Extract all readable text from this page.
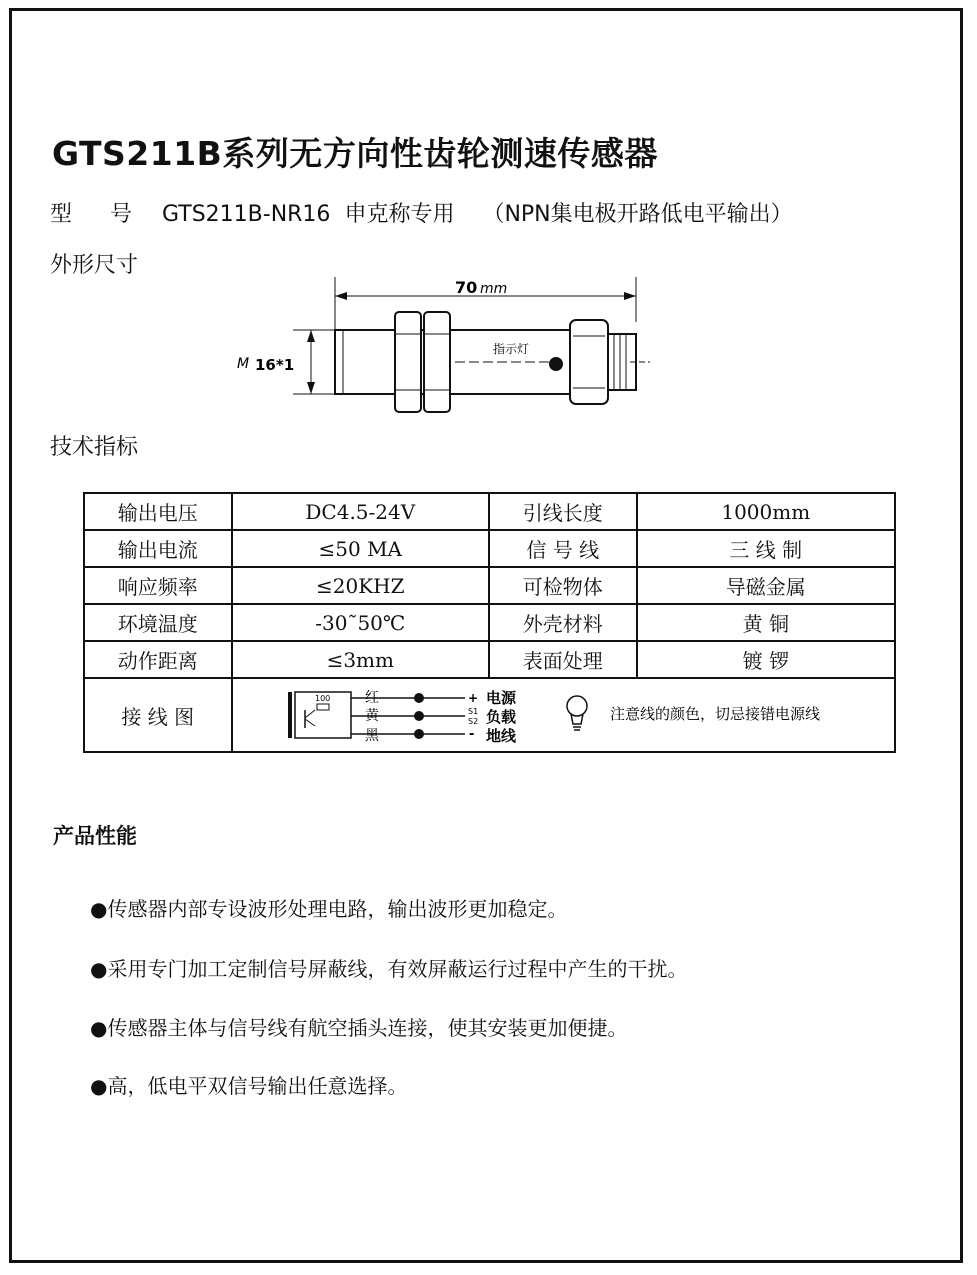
GTS211B系列无方向性齿轮测速传感器
型 号 GTS211B-NR16 申克称专用 （NPN集电极开路低电平输出）
外形尺寸
70 mm
M 16*1
指示灯
技术指标
输出电压	DC4.5-24V	引线长度	1000mm
输出电流	≤50 MA	信 号 线	三 线 制
响应频率	≤20KHZ	可检物体	导磁金属
环境温度	-30˜50℃	外壳材料	黄 铜
动作距离	≤3mm	表面处理	镀 锣
接 线 图			
100 红
黄
黑
+
S1
S2
-
电源
负载
地线
注意线的颜色，切忌接错电源线
产品性能
●传感器内部专设波形处理电路，输出波形更加稳定。
●采用专门加工定制信号屏蔽线，有效屏蔽运行过程中产生的干扰。
●传感器主体与信号线有航空插头连接，使其安装更加便捷。
●高，低电平双信号输出任意选择。
